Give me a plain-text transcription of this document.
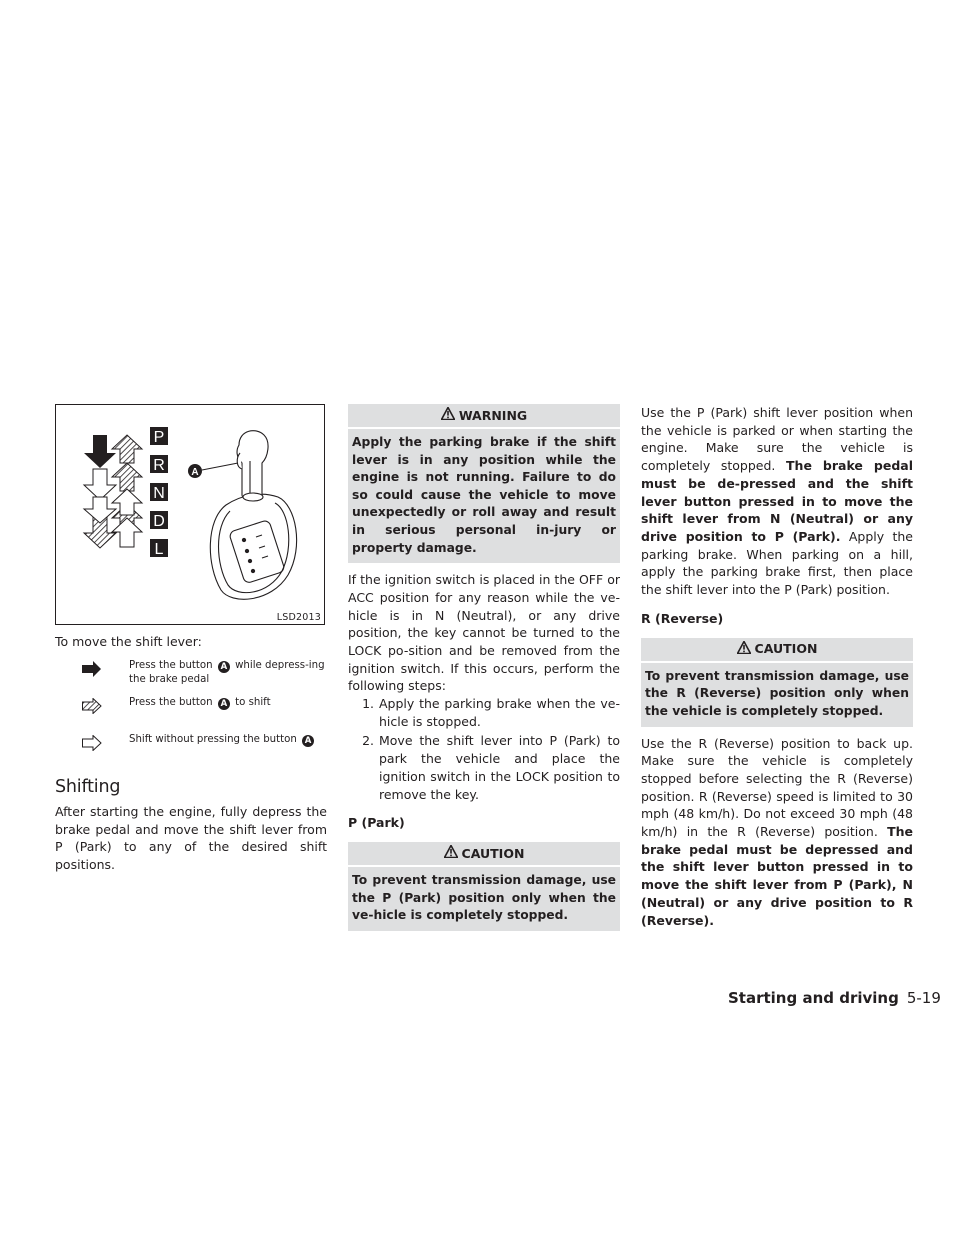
P
R
N
D
L
A
LSD2013
To move the shift lever:
Press the button A while depress-ing the brake pedal
Press the button A to shift
Shift without pressing the button A
Shifting

After starting the engine, fully depress the brake pedal and move the shift lever from P (Park) to any of the desired shift positions.

WARNING
Apply the parking brake if the shift lever is in any position while the engine is not running. Failure to do so could cause the vehicle to move unexpectedly or roll away and result in serious personal in-jury or property damage.

If the ignition switch is placed in the OFF or ACC position for any reason while the ve-hicle is in N (Neutral), or any drive position, the key cannot be turned to the LOCK po-sition and be removed from the ignition switch. If this occurs, perform the following steps:

1. Apply the parking brake when the ve-hicle is stopped.
2. Move the shift lever into P (Park) to park the vehicle and place the ignition switch in the LOCK position to remove the key.
P (Park)
CAUTION
To prevent transmission damage, use the P (Park) position only when the ve-hicle is completely stopped.

Use the P (Park) shift lever position when the vehicle is parked or when starting the engine. Make sure the vehicle is completely stopped. The brake pedal must be de-pressed and the shift lever button pressed in to move the shift lever from N (Neutral) or any drive position to P (Park). Apply the parking brake. When parking on a hill, apply the parking brake first, then place the shift lever into the P (Park) position.

R (Reverse)
CAUTION
To prevent transmission damage, use the R (Reverse) position only when the vehicle is completely stopped.

Use the R (Reverse) position to back up. Make sure the vehicle is completely stopped before selecting the R (Reverse) position. R (Reverse) speed is limited to 30 mph (48 km/h). Do not exceed 30 mph (48 km/h) in the R (Reverse) position. The brake pedal must be depressed and the shift lever button pressed in to move the shift lever from P (Park), N (Neutral) or any drive position to R (Reverse).

Starting and driving 5-19
